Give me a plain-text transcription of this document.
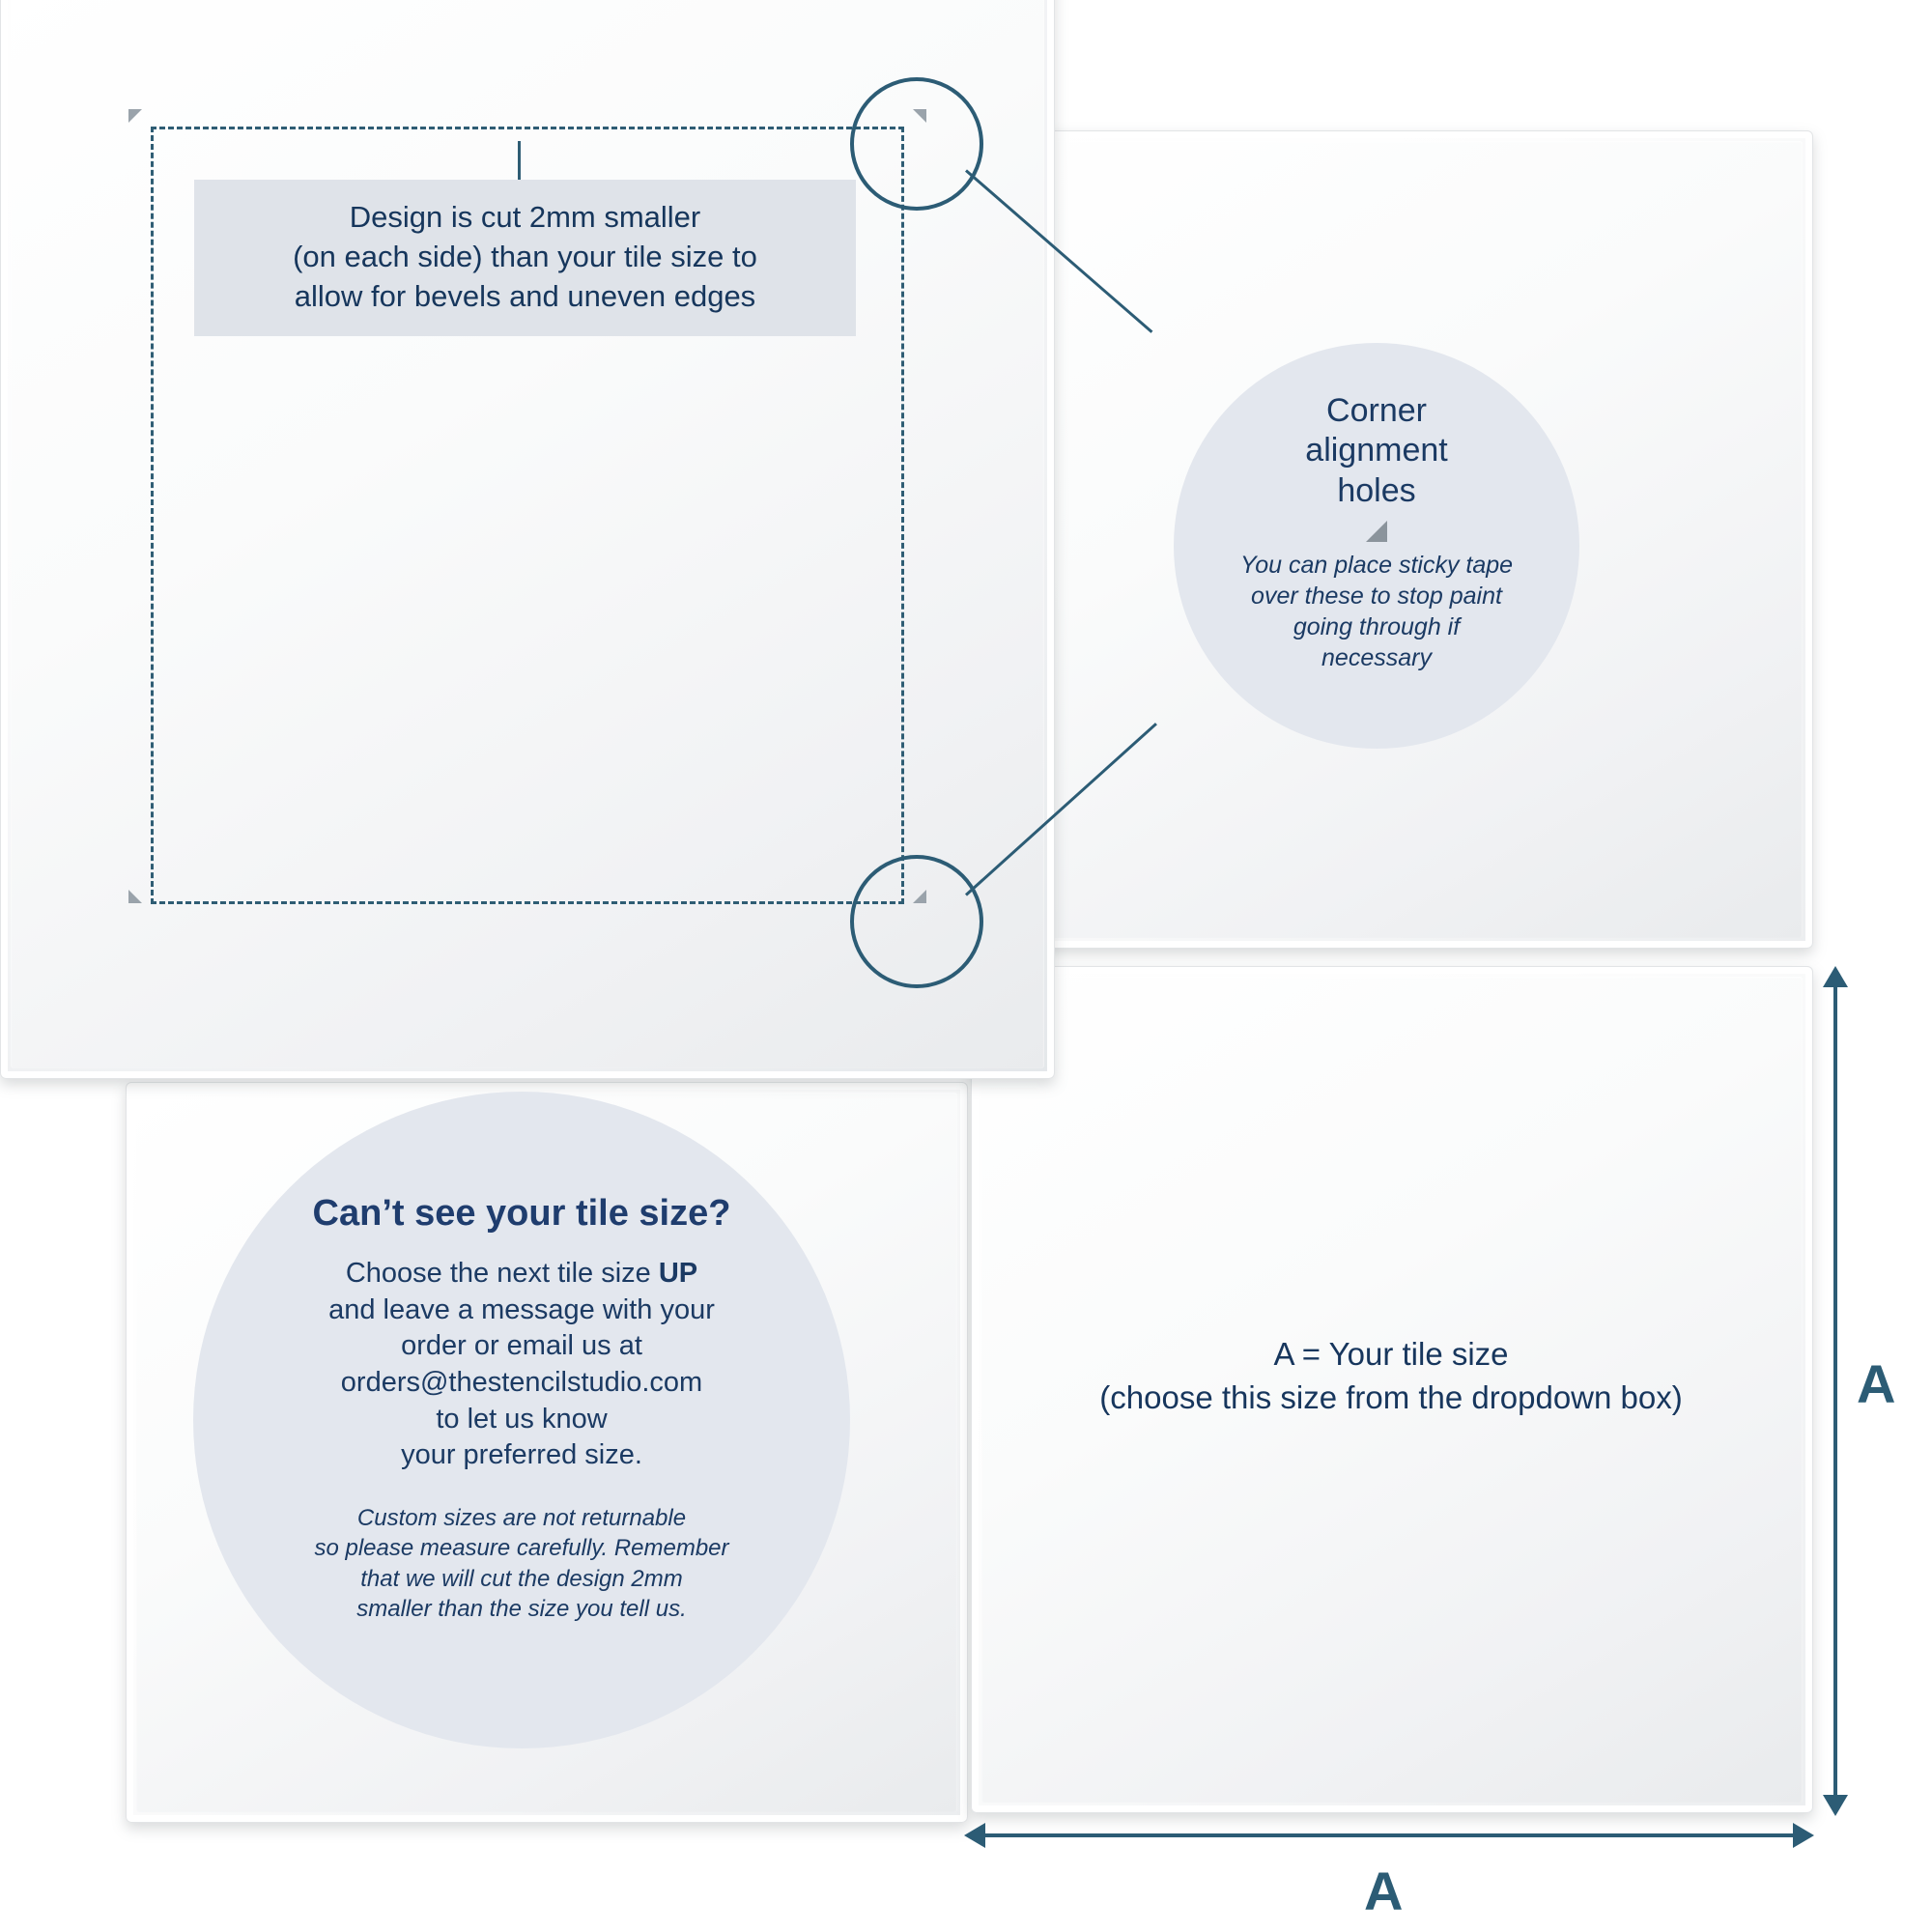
Design is cut 2mm smaller
(on each side) than your tile size to
allow for bevels and uneven edges
Corner
alignment
holes
You can place sticky tape
over these to stop paint
going through if
necessary
Can’t see your tile size?
Choose the next tile size UP
and leave a message with your
order or email us at
orders@thestencilstudio.com
to let us know
your preferred size.
Custom sizes are not returnable
so please measure carefully. Remember
that we will cut the design 2mm
smaller than the size you tell us.
A = Your tile size
(choose this size from the dropdown box)	A
A
